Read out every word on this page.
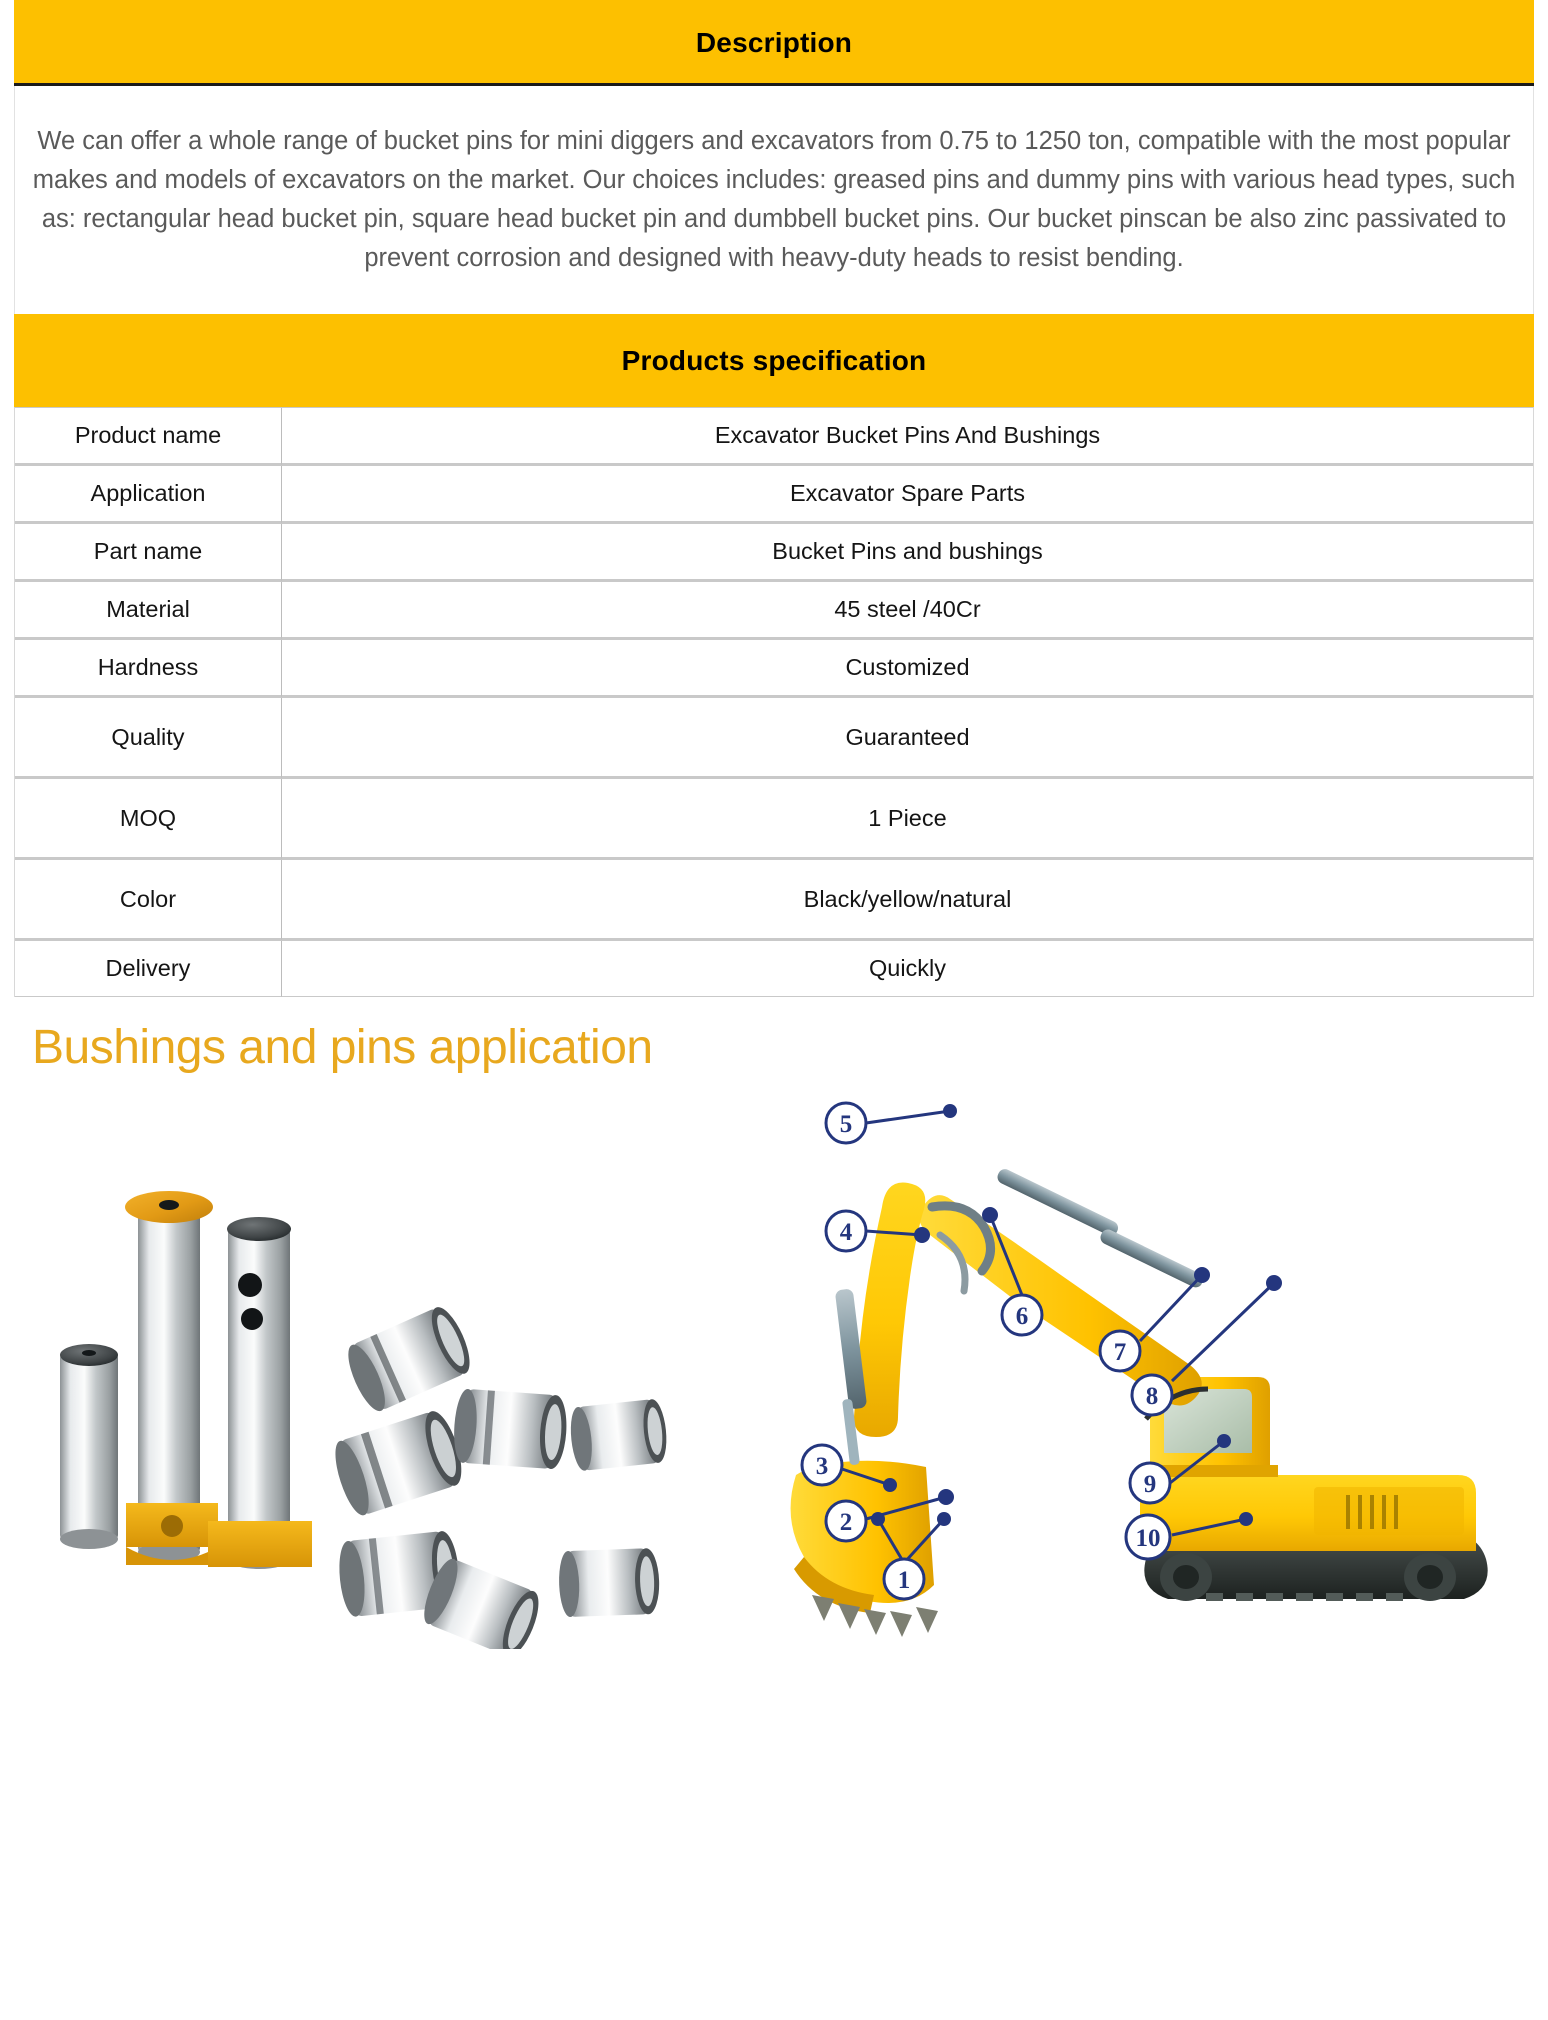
Description

We can offer a whole range of bucket pins for mini diggers and excavators from 0.75 to 1250 ton, compatible with the most popular makes and models of excavators on the market. Our choices includes: greased pins and dummy pins with various head types, such as: rectangular head bucket pin, square head bucket pin and dumbbell bucket pins. Our bucket pinscan be also zinc passivated to prevent corrosion and designed with heavy-duty heads to resist bending.

Products specification
Product name	Excavator Bucket Pins And Bushings
Application	Excavator Spare Parts
Part name	Bucket Pins and bushings
Material	45 steel /40Cr
Hardness	Customized
Quality	Guaranteed
MOQ	1 Piece
Color	Black/yellow/natural
Delivery	Quickly
Bushings and pins application
5
4
6
7
8
3
2
1
9
10
